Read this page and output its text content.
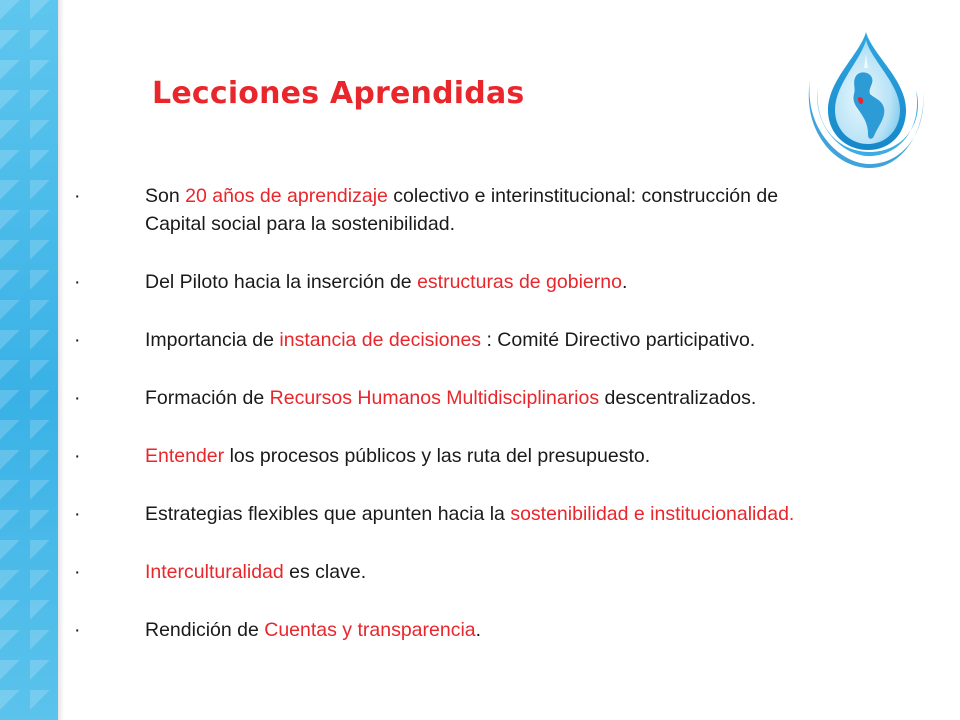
Lecciones Aprendidas
·	Son 20 años de aprendizaje colectivo e interinstitucional: construcción de
Capital social para la sostenibilidad.
·	Del Piloto hacia la inserción de estructuras de gobierno.
·	Importancia de instancia de decisiones : Comité Directivo participativo.
·	Formación de Recursos Humanos Multidisciplinarios descentralizados.
·	Entender los procesos públicos y las ruta del presupuesto.
·	Estrategias flexibles que apunten hacia la sostenibilidad e institucionalidad.
·	Interculturalidad es clave.
·	Rendición de Cuentas y transparencia.
